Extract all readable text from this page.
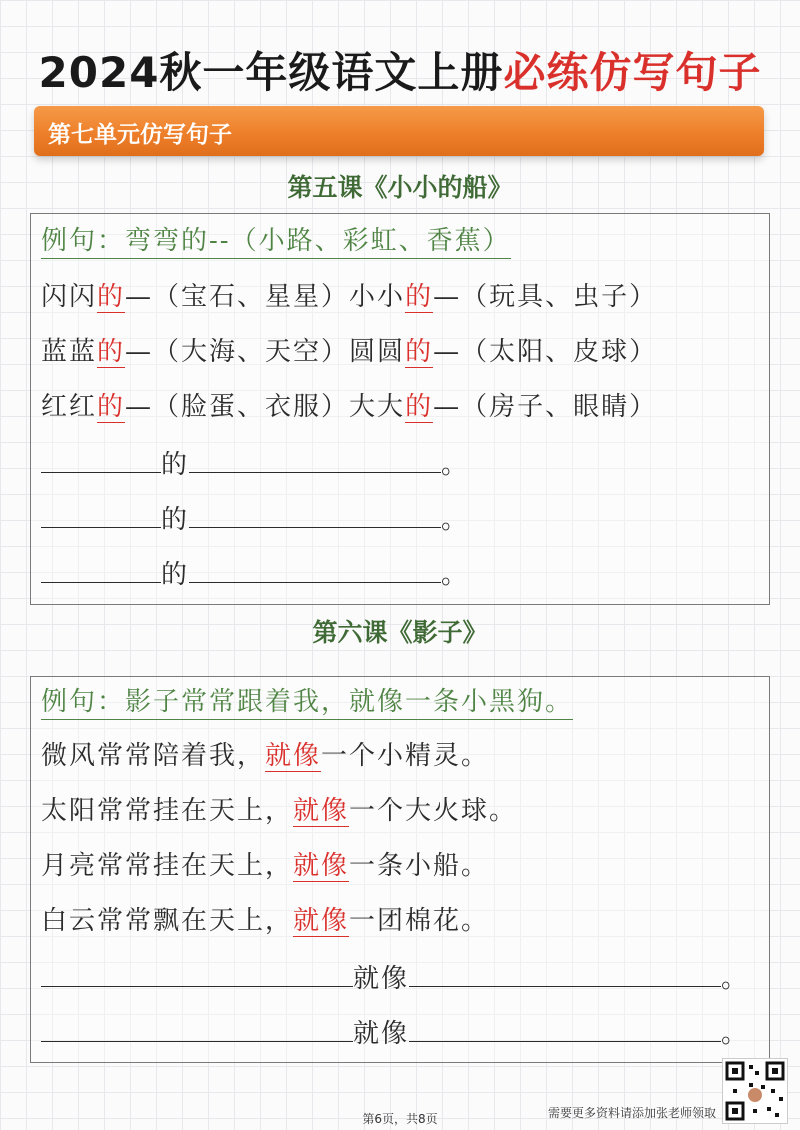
2024秋一年级语文上册必练仿写句子
第七单元仿写句子
第五课《小小的船》
例句：弯弯的--（小路、彩虹、香蕉）
闪闪的—（宝石、星星）小小的—（玩具、虫子）
蓝蓝的—（大海、天空）圆圆的—（太阳、皮球）
红红的—（脸蛋、衣服）大大的—（房子、眼睛）
的	。
的	。
的	。
第六课《影子》
例句：影子常常跟着我，就像一条小黑狗。
微风常常陪着我，就像一个小精灵。
太阳常常挂在天上，就像一个大火球。
月亮常常挂在天上，就像一条小船。
白云常常飘在天上，就像一团棉花。
就像	。
就像	。
第6页，共8页	需要更多资料请添加张老师领取
